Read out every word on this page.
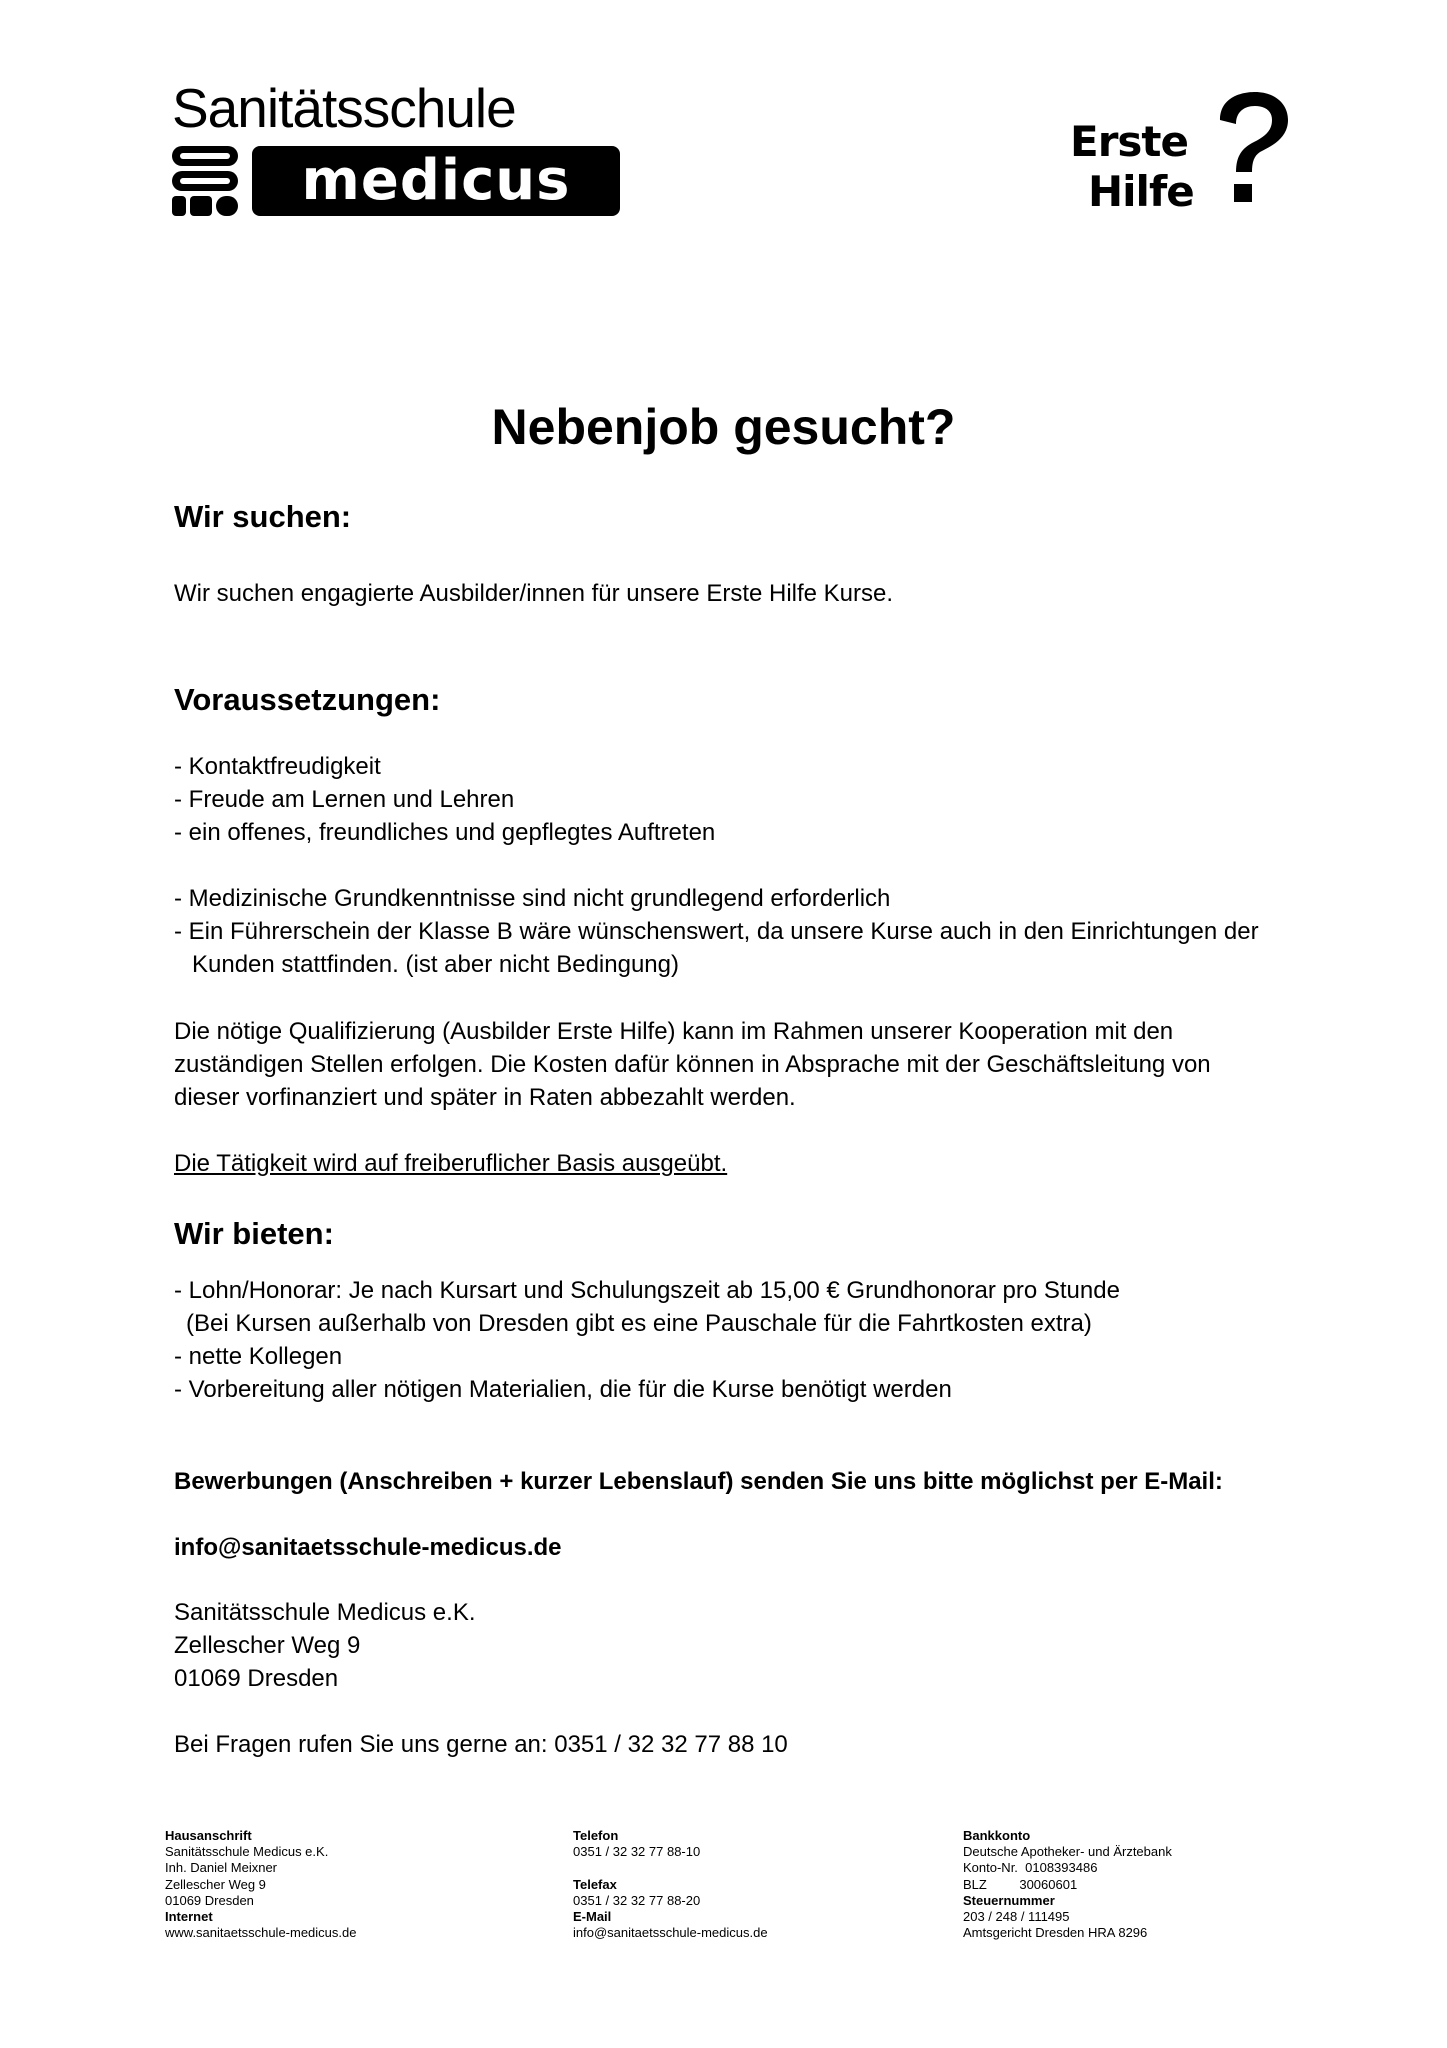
Sanitätsschule
medicus
Erste
Hilfe
Nebenjob gesucht?
Wir suchen:
Wir suchen engagierte Ausbilder/innen für unsere Erste Hilfe Kurse.
Voraussetzungen:
- Kontaktfreudigkeit
- Freude am Lernen und Lehren
- ein offenes, freundliches und gepflegtes Auftreten
- Medizinische Grundkenntnisse sind nicht grundlegend erforderlich
- Ein Führerschein der Klasse B wäre wünschenswert, da unsere Kurse auch in den Einrichtungen der
Kunden stattfinden. (ist aber nicht Bedingung)
Die nötige Qualifizierung (Ausbilder Erste Hilfe) kann im Rahmen unserer Kooperation mit den
zuständigen Stellen erfolgen. Die Kosten dafür können in Absprache mit der Geschäftsleitung von
dieser vorfinanziert und später in Raten abbezahlt werden.
Die Tätigkeit wird auf freiberuflicher Basis ausgeübt.
Wir bieten:
- Lohn/Honorar: Je nach Kursart und Schulungszeit ab 15,00 € Grundhonorar pro Stunde
(Bei Kursen außerhalb von Dresden gibt es eine Pauschale für die Fahrtkosten extra)
- nette Kollegen
- Vorbereitung aller nötigen Materialien, die für die Kurse benötigt werden
Bewerbungen (Anschreiben + kurzer Lebenslauf) senden Sie uns bitte möglichst per E-Mail:
info@sanitaetsschule-medicus.de
Sanitätsschule Medicus e.K.
Zellescher Weg 9
01069 Dresden
Bei Fragen rufen Sie uns gerne an: 0351 / 32 32 77 88 10
Hausanschrift
Sanitätsschule Medicus e.K.
Inh. Daniel Meixner
Zellescher Weg 9
01069 Dresden
Internet
www.sanitaetsschule-medicus.de
Telefon
0351 / 32 32 77 88-10

Telefax
0351 / 32 32 77 88-20
E-Mail
info@sanitaetsschule-medicus.de
Bankkonto
Deutsche Apotheker- und Ärztebank
Konto-Nr.  0108393486
BLZ         30060601
Steuernummer
203 / 248 / 111495
Amtsgericht Dresden HRA 8296
